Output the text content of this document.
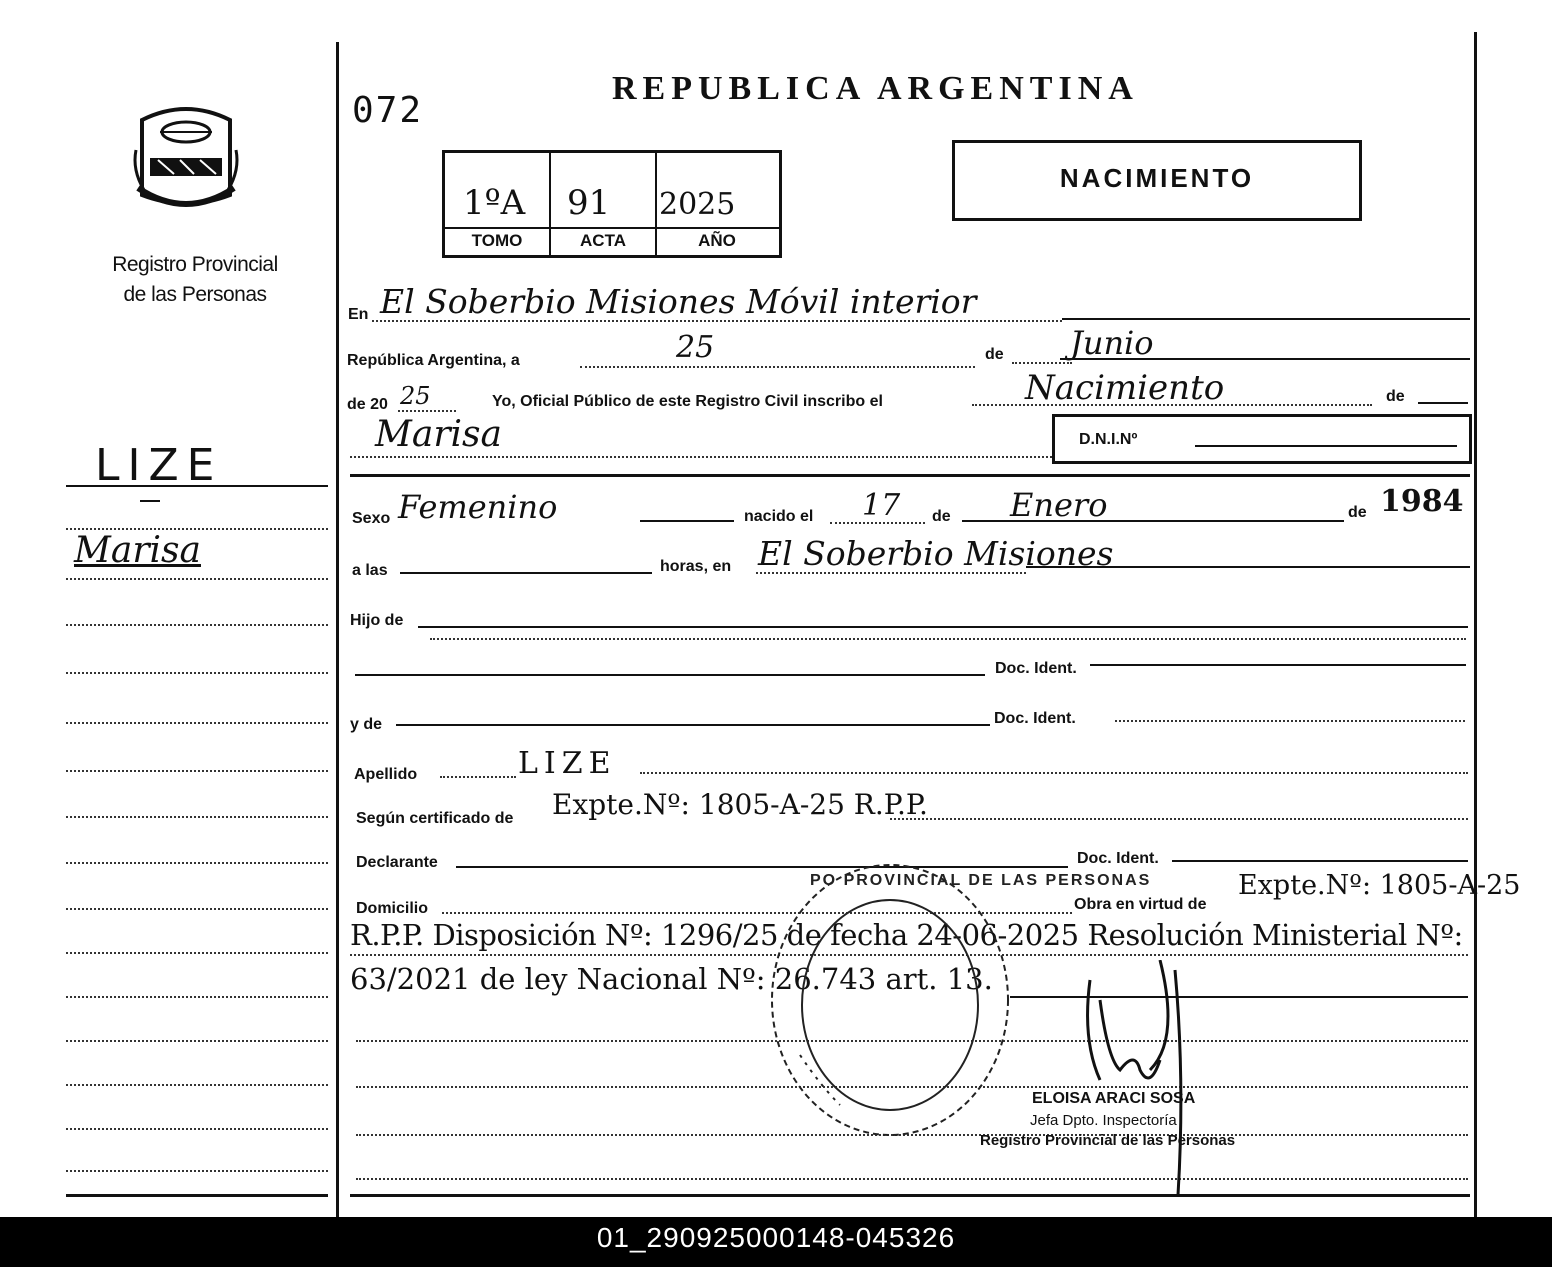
Registro Provincial
de las Personas
LIZE
Marisa
072
REPUBLICA ARGENTINA
NACIMIENTO
1ºA 91 2025
TOMO	ACTA	AÑO
En El Soberbio Misiones Móvil interior
República Argentina, a	25	de Junio
de 20 25	Yo, Oficial Público de este Registro Civil inscribo el	Nacimiento	de
Marisa	D.N.I.Nº
Sexo Femenino	nacido el 17 de Enero	de 1984
a las	horas, en El Soberbio Misiones
Hijo de
Doc. Ident.
y de	Doc. Ident.
Apellido	LIZE
Según certificado de Expte.Nº: 1805-A-25 R.P.P.
Declarante	Doc. Ident.
Domicilio	Obra en virtud de
Expte.Nº: 1805-A-25
R.P.P. Disposición Nº: 1296/25 de fecha 24-06-2025 Resolución Ministerial Nº:
63/2021 de ley Nacional Nº: 26.743 art. 13.
PO PROVINCIAL DE LAS PERSONAS
ELOISA ARACI SOSA
Jefa Dpto. Inspectoría
Registro Provincial de las Personas
01_290925000148-045326
